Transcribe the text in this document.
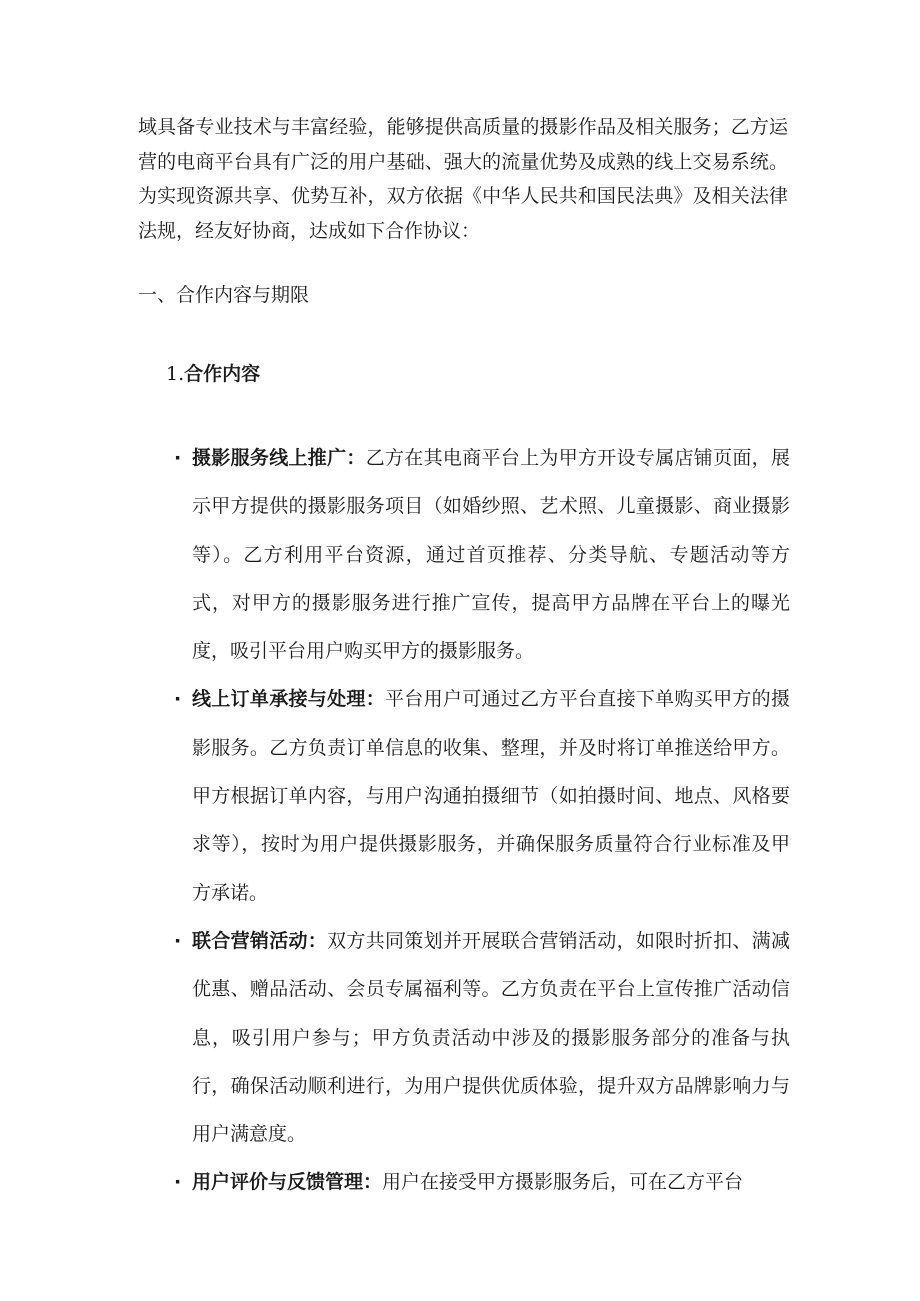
域具备专业技术与丰富经验，能够提供高质量的摄影作品及相关服务；乙方运营的电商平台具有广泛的用户基础、强大的流量优势及成熟的线上交易系统。为实现资源共享、优势互补，双方依据《中华人民共和国民法典》及相关法律法规，经友好协商，达成如下合作协议：

一、合作内容与期限
1.合作内容
· 摄影服务线上推广：乙方在其电商平台上为甲方开设专属店铺页面，展示甲方提供的摄影服务项目（如婚纱照、艺术照、儿童摄影、商业摄影等）。乙方利用平台资源，通过首页推荐、分类导航、专题活动等方式，对甲方的摄影服务进行推广宣传，提高甲方品牌在平台上的曝光度，吸引平台用户购买甲方的摄影服务。
· 线上订单承接与处理：平台用户可通过乙方平台直接下单购买甲方的摄影服务。乙方负责订单信息的收集、整理，并及时将订单推送给甲方。甲方根据订单内容，与用户沟通拍摄细节（如拍摄时间、地点、风格要求等），按时为用户提供摄影服务，并确保服务质量符合行业标准及甲方承诺。
· 联合营销活动：双方共同策划并开展联合营销活动，如限时折扣、满减优惠、赠品活动、会员专属福利等。乙方负责在平台上宣传推广活动信息，吸引用户参与；甲方负责活动中涉及的摄影服务部分的准备与执行，确保活动顺利进行，为用户提供优质体验，提升双方品牌影响力与用户满意度。
· 用户评价与反馈管理：用户在接受甲方摄影服务后，可在乙方平台
